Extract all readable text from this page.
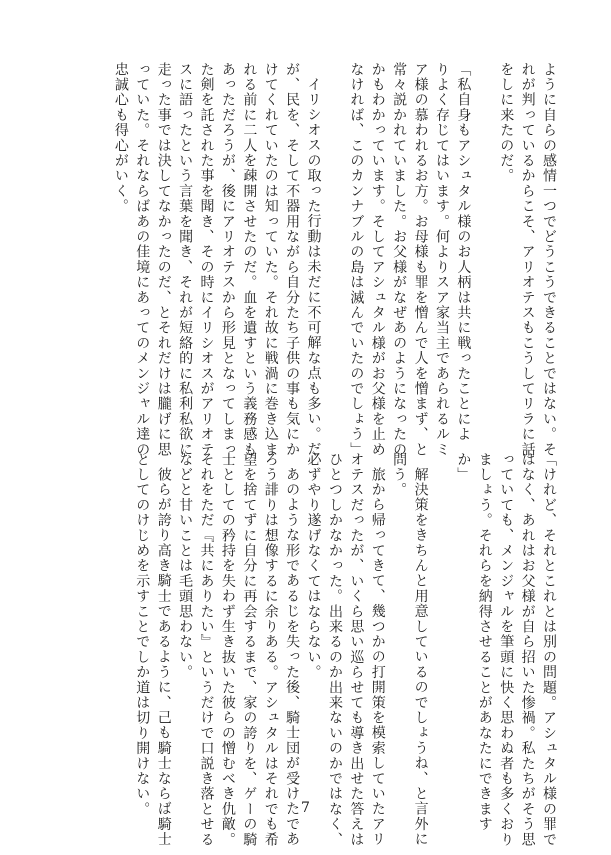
ように自らの感情一つでどうこうできることではない。そ
れが判っているからこそ、アリオテスもこうしてリラに話
をしに来たのだ。
「私自身もアシュタル様のお人柄は共に戦ったことによ
りよく存じてはいます。何よりスア家当主であられるルミ
ア様の慕われるお方。お母様も罪を憎んで人を憎まず、と
常々説かれていました。お父様がなぜあのようになったの
かもわかっています。そしてアシュタル様がお父様を止め
なければ、このカンナブルの島は滅んでいたのでしょう」
イリシオスの取った行動は未だに不可解な点も多い。だ
が、民を、そして不器用ながら自分たち子供の事も気にか
けてくれていたのは知っていた。それ故に戦渦に巻き込ま
れる前に二人を疎開させたのだ。血を遺すという義務感も
あっただろうが、後にアリオテスから形見となってしまっ
た剣を託された事を聞き、その時にイリシオスがアリオテ
スに語ったという言葉を聞き、それが短絡的に私利私欲に
走った事では決してなかったのだ、とそれだけは朧げに思
っていた。それならばあの佳境にあってのメンジャル達の
忠誠心も得心がいく。
「けれど、それとこれとは別の問題。アシュタル様の罪で
はなく、あれはお父様が自ら招いた惨禍。私たちがそう思
っていても、メンジャルを筆頭に快く思わぬ者も多くおり
ましょう。それらを納得させることがあなたにできます
か」
解決策をきちんと用意しているのでしょうね、と言外に
問う。
旅から帰ってきて、幾つかの打開策を模索していたアリ
オテスだったが、いくら思い巡らせても導き出せた答えは
ひとつしかなかった。出来るのか出来ないのかではなく、
必ずやり遂げなくてはならない。
あのような形であるじを失った後、騎士団が受けたであ
ろう誹りは想像するに余りある。アシュタルはそれでも希
望を捨てずに自分に再会するまで、家の誇りを、ゲーの騎
士としての矜持を失わず生き抜いた彼らの憎むべき仇敵。
それをただ『共にありたい』というだけで口説き落とせる
などと甘いことは毛頭思わない。
彼らが誇り高き騎士であるように、己も騎士ならば騎士
としてのけじめを示すことでしか道は切り開けない。	7
